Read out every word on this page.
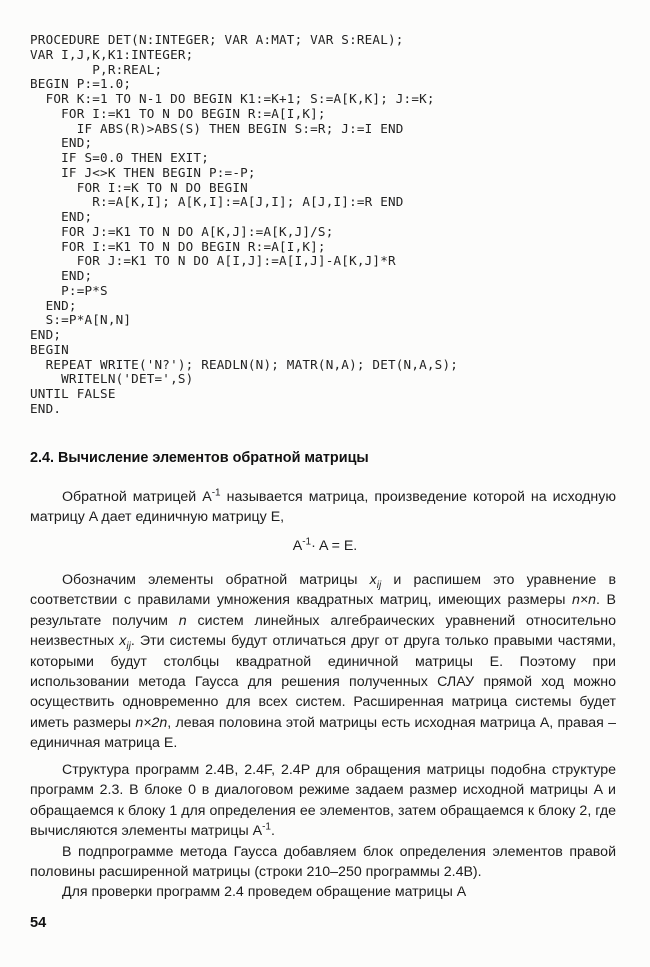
PROCEDURE DET(N:INTEGER; VAR A:MAT; VAR S:REAL);
VAR I,J,K,K1:INTEGER;
P,R:REAL;
BEGIN P:=1.0;
FOR K:=1 TO N-1 DO BEGIN K1:=K+1; S:=A[K,K]; J:=K;
FOR I:=K1 TO N DO BEGIN R:=A[I,K];
IF ABS(R)>ABS(S) THEN BEGIN S:=R; J:=I END
END;
IF S=0.0 THEN EXIT;
IF J<>K THEN BEGIN P:=-P;
FOR I:=K TO N DO BEGIN
R:=A[K,I]; A[K,I]:=A[J,I]; A[J,I]:=R END
END;
FOR J:=K1 TO N DO A[K,J]:=A[K,J]/S;
FOR I:=K1 TO N DO BEGIN R:=A[I,K];
FOR J:=K1 TO N DO A[I,J]:=A[I,J]-A[K,J]*R
END;
P:=P*S
END;
S:=P*A[N,N]
END;
BEGIN
REPEAT WRITE('N?'); READLN(N); MATR(N,A); DET(N,A,S);
WRITELN('DET=',S)
UNTIL FALSE
END.
2.4. Вычисление элементов обратной матрицы

Обратной матрицей $A^{-1}$ называется матрица, произведение которой на исходную матрицу A дает единичную матрицу E,

$A^{-1}\cdot A = E$.

Обозначим элементы обратной матрицы $x_{ij}$ и распишем это уравнение в соответствии с правилами умножения квадратных матриц, имеющих размеры n×n. В результате получим n систем линейных алгебраических уравнений относительно неизвестных $x_{ij}$. Эти системы будут отличаться друг от друга только правыми частями, которыми будут столбцы квадратной единичной матрицы E. Поэтому при использовании метода Гаусса для решения полученных СЛАУ прямой ход можно осуществить одновременно для всех систем. Расширенная матрица системы будет иметь размеры n×2n, левая половина этой матрицы есть исходная матрица A, правая – единичная матрица E.

Структура программ 2.4B, 2.4F, 2.4P для обращения матрицы подобна структуре программ 2.3. В блоке 0 в диалоговом режиме задаем размер исходной матрицы A и обращаемся к блоку 1 для определения ее элементов, затем обращаемся к блоку 2, где вычисляются элементы матрицы $A^{-1}$.

В подпрограмме метода Гаусса добавляем блок определения элементов правой половины расширенной матрицы (строки 210–250 программы 2.4B).

Для проверки программ 2.4 проведем обращение матрицы A

54
